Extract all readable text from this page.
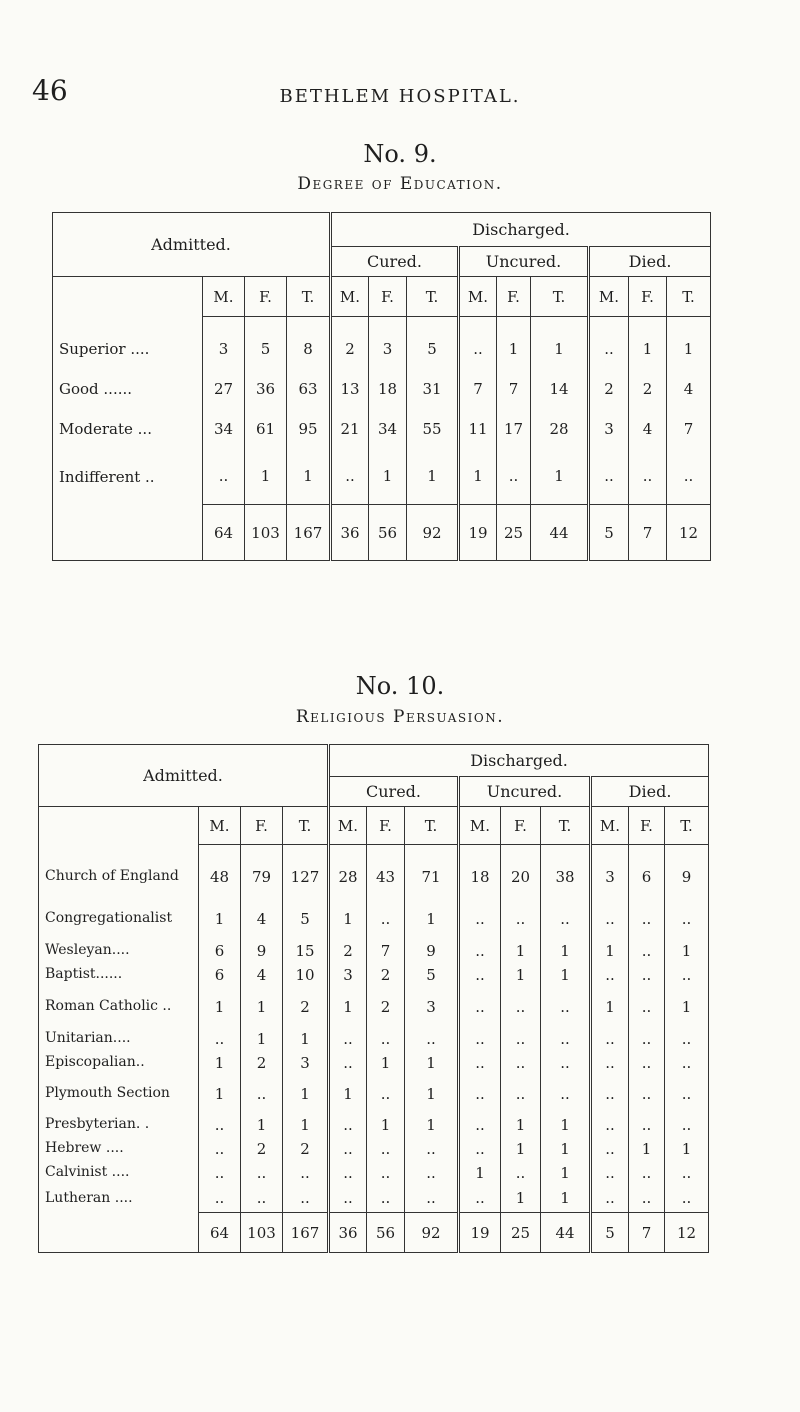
46	BETHLEM HOSPITAL.
No. 9.
Degree of Education.
Admitted.				Discharged.								
				Cured.			Uncured.			Died.		
	M.	F.	T.	M.	F.	T.	M.	F.	T.	M.	F.	T.

Superior ....	3	5	8	2	3	5	..	1	1	..	1	1
Good ......	27	36	63	13	18	31	7	7	14	2	2	4
Moderate ...	34	61	95	21	34	55	11	17	28	3	4	7
Indifferent ..	..	1	1	..	1	1	1	..	1	..	..	..
	64	103	167	36	56	92	19	25	44	5	7	12
No. 10.
Religious Persuasion.
Admitted.				Discharged.								
				Cured.			Uncured.			Died.		
	M.	F.	T.	M.	F.	T.	M.	F.	T.	M.	F.	T.

Church of England	48	79	127	28	43	71	18	20	38	3	6	9
Congregationalist	1	4	5	1	..	1	..	..	..	..	..	..
Wesleyan....	6	9	15	2	7	9	..	1	1	1	..	1
Baptist......	6	4	10	3	2	5	..	1	1	..	..	..
Roman Catholic ..	1	1	2	1	2	3	..	..	..	1	..	1
Unitarian....	..	1	1	..	..	..	..	..	..	..	..	..
Episcopalian..	1	2	3	..	1	1	..	..	..	..	..	..
Plymouth Section	1	..	1	1	..	1	..	..	..	..	..	..
Presbyterian. .	..	1	1	..	1	1	..	1	1	..	..	..
Hebrew ....	..	2	2	..	..	..	..	1	1	..	1	1
Calvinist ....	..	..	..	..	..	..	1	..	1	..	..	..
Lutheran ....	..	..	..	..	..	..	..	1	1	..	..	..
	64	103	167	36	56	92	19	25	44	5	7	12
